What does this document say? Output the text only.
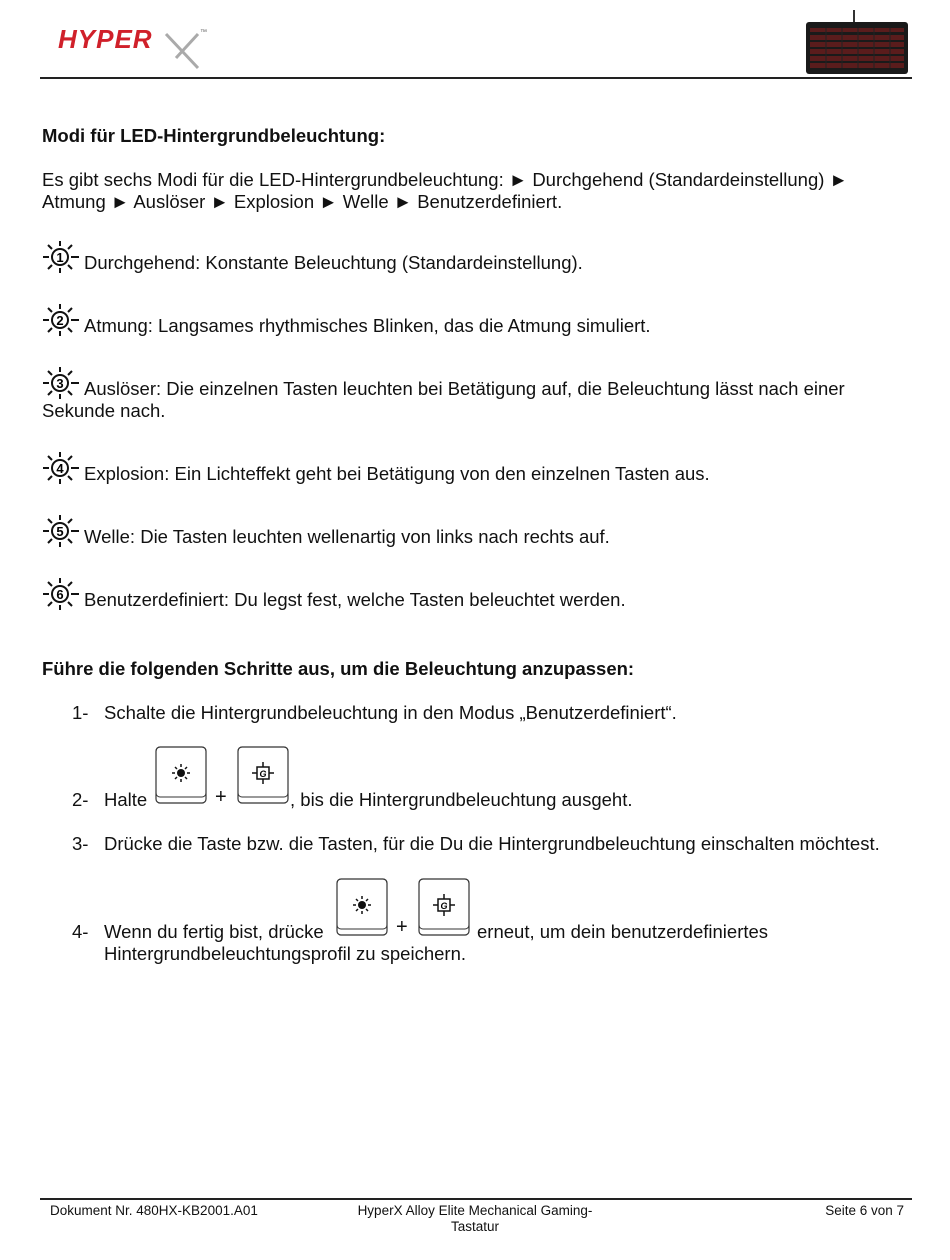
HYPER	™
Modi für LED-Hintergrundbeleuchtung:
Es gibt sechs Modi für die LED-Hintergrundbeleuchtung: ► Durchgehend (Standardeinstellung) ►
Atmung ► Auslöser ► Explosion ► Welle ► Benutzerdefiniert.
1 Durchgehend: Konstante Beleuchtung (Standardeinstellung).
2 Atmung: Langsames rhythmisches Blinken, das die Atmung simuliert.
3 Auslöser: Die einzelnen Tasten leuchten bei Betätigung auf, die Beleuchtung lässt nach einer
Sekunde nach.
4 Explosion: Ein Lichteffekt geht bei Betätigung von den einzelnen Tasten aus.
5 Welle: Die Tasten leuchten wellenartig von links nach rechts auf.
6 Benutzerdefiniert: Du legst fest, welche Tasten beleuchtet werden.
Führe die folgenden Schritte aus, um die Beleuchtung anzupassen:
1- Schalte die Hintergrundbeleuchtung in den Modus „Benutzerdefiniert“.
2- Halte	, bis die Hintergrundbeleuchtung ausgeht.
+
G
3- Drücke die Taste bzw. die Tasten, für die Du die Hintergrundbeleuchtung einschalten möchtest.
4- Wenn du fertig bist, drücke	erneut, um dein benutzerdefiniertes
Hintergrundbeleuchtungsprofil zu speichern.
+
G
Dokument Nr. 480HX-KB2001.A01	HyperX Alloy Elite Mechanical Gaming-
Tastatur
Seite 6 von 7
